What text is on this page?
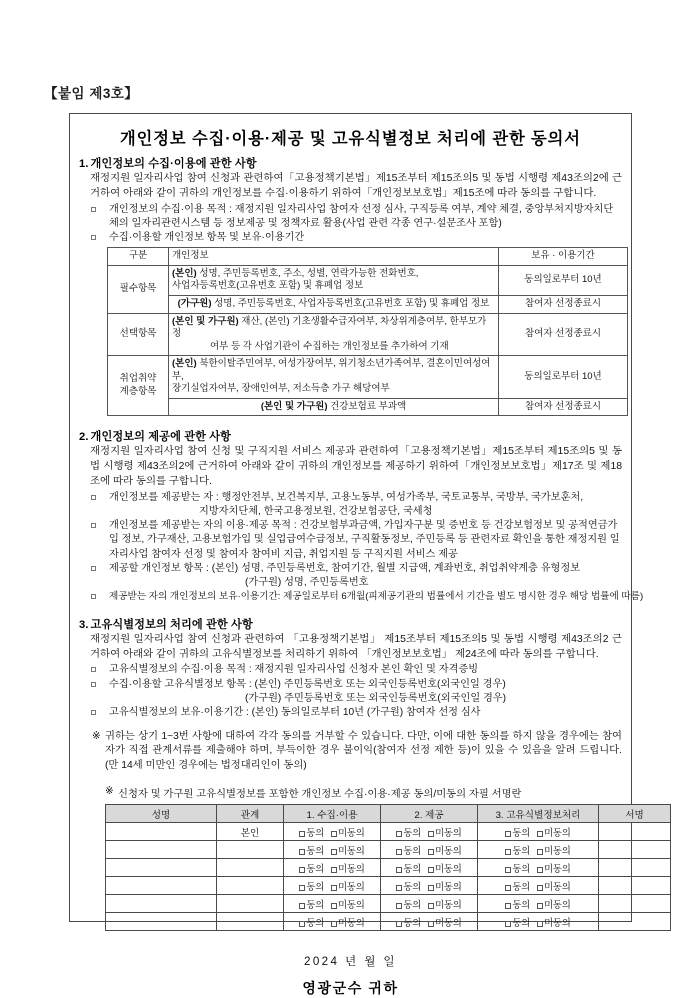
【붙임 제3호】
개인정보 수집·이용·제공 및 고유식별정보 처리에 관한 동의서
1. 개인정보의 수집·이용에 관한 사항
재정지원 일자리사업 참여 신청과 관련하여「고용정책기본법」제15조부터 제15조의5 및 동법 시행령 제43조의2에 근거하여 아래와 같이 귀하의 개인정보를 수집·이용하기 위하여「개인정보보호법」제15조에 따라 동의를 구합니다.
개인정보의 수집·이용 목적 : 재정지원 일자리사업 참여자 선정 심사, 구직등록 여부, 계약 체결, 중앙부처지방자치단체의 일자리관련시스템 등 정보제공 및 정책자료 활용(사업 관련 각종 연구·설문조사 포함)
수집·이용할 개인정보 항목 및 보유·이용기간
구분	개인정보	보유 · 이용기간
필수항목	(본인) 성명, 주민등록번호, 주소, 성별, 연락가능한 전화번호,
사업자등록번호(고유번호 포함) 및 휴폐업 정보	동의일로부터 10년
	(가구원) 성명, 주민등록번호, 사업자등록번호(고유번호 포함) 및 휴폐업 정보	참여자 선정종료시
선택항목	(본인 및 가구원) 재산, (본인) 기초생활수급자여부, 차상위계층여부, 한부모가정
여부 등 각 사업기관이 수집하는 개인정보를 추가하여 기재	참여자 선정종료시
취업취약
계층항목	(본인) 북한이탈주민여부, 여성가장여부, 위기청소년가족여부, 결혼이민여성여부,
장기실업자여부, 장애인여부, 저소득층 가구 해당여부	동의일로부터 10년
	(본인 및 가구원) 건강보험료 부과액	참여자 선정종료시
2. 개인정보의 제공에 관한 사항
재정지원 일자리사업 참여 신청 및 구직지원 서비스 제공과 관련하여「고용정책기본법」제15조부터 제15조의5 및 동법 시행령 제43조의2에 근거하여 아래와 같이 귀하의 개인정보를 제공하기 위하여「개인정보보호법」제17조 및 제18조에 따라 동의를 구합니다.
개인정보를 제공받는 자 : 행정안전부, 보건복지부, 고용노동부, 여성가족부, 국토교통부, 국방부, 국가보훈처,
지방자치단체, 한국고용정보원, 건강보험공단, 국세청
개인정보를 제공받는 자의 이용·제공 목적 : 건강보험부과금액, 가입자구분 및 증번호 등 건강보험정보 및 공적연금가입 정보, 가구재산, 고용보험가입 및 실업급여수급정보, 구직활동정보, 주민등록 등 관련자료 확인을 통한 재정지원 일자리사업 참여자 선정 및 참여자 참여비 지급, 취업지원 등 구직지원 서비스 제공
제공할 개인정보 항목 : (본인) 성명, 주민등록번호, 참여기간, 월별 지급액, 계좌번호, 취업취약계층 유형정보
(가구원) 성명, 주민등록번호
제공받는 자의 개인정보의 보유·이용기간: 제공일로부터 6개월(피제공기관의 법률에서 기간을 별도 명시한 경우 해당 법률에 따름)
3. 고유식별정보의 처리에 관한 사항
재정지원 일자리사업 참여 신청과 관련하여 「고용정책기본법」 제15조부터 제15조의5 및 동법 시행령 제43조의2 근거하여 아래와 같이 귀하의 고유식별정보를 처리하기 위하여 「개인정보보호법」 제24조에 따라 동의를 구합니다.
고유식별정보의 수집·이용 목적 : 재정지원 일자리사업 신청자 본인 확인 및 자격증빙
수집·이용할 고유식별정보 항목 : (본인) 주민등록번호 또는 외국인등록번호(외국인일 경우)
(가구원) 주민등록번호 또는 외국인등록번호(외국인일 경우)
고유식별정보의 보유·이용기간 : (본인) 동의일로부터 10년 (가구원) 참여자 선정 심사
※ 귀하는 상기 1~3번 사항에 대하여 각각 동의를 거부할 수 있습니다. 다만, 이에 대한 동의를 하지 않을 경우에는 참여자가 직접 관계서류를 제출해야 하며, 부득이한 경우 불이익(참여자 선정 제한 등)이 있을 수 있음을 알려 드립니다. (만 14세 미만인 경우에는 법정대리인이 동의)
※ 신청자 및 가구원 고유식별정보를 포함한 개인정보 수집·이용·제공 동의/미동의 자필 서명란
성명	관계	1. 수집·이용	2. 제공	3. 고유식별정보처리	서명
	본인	동의 미동의	동의 미동의	동의 미동의	
		동의 미동의	동의 미동의	동의 미동의	
		동의 미동의	동의 미동의	동의 미동의	
		동의 미동의	동의 미동의	동의 미동의	
		동의 미동의	동의 미동의	동의 미동의	
		동의 미동의	동의 미동의	동의 미동의	
2024 년 월 일
영광군수 귀하
